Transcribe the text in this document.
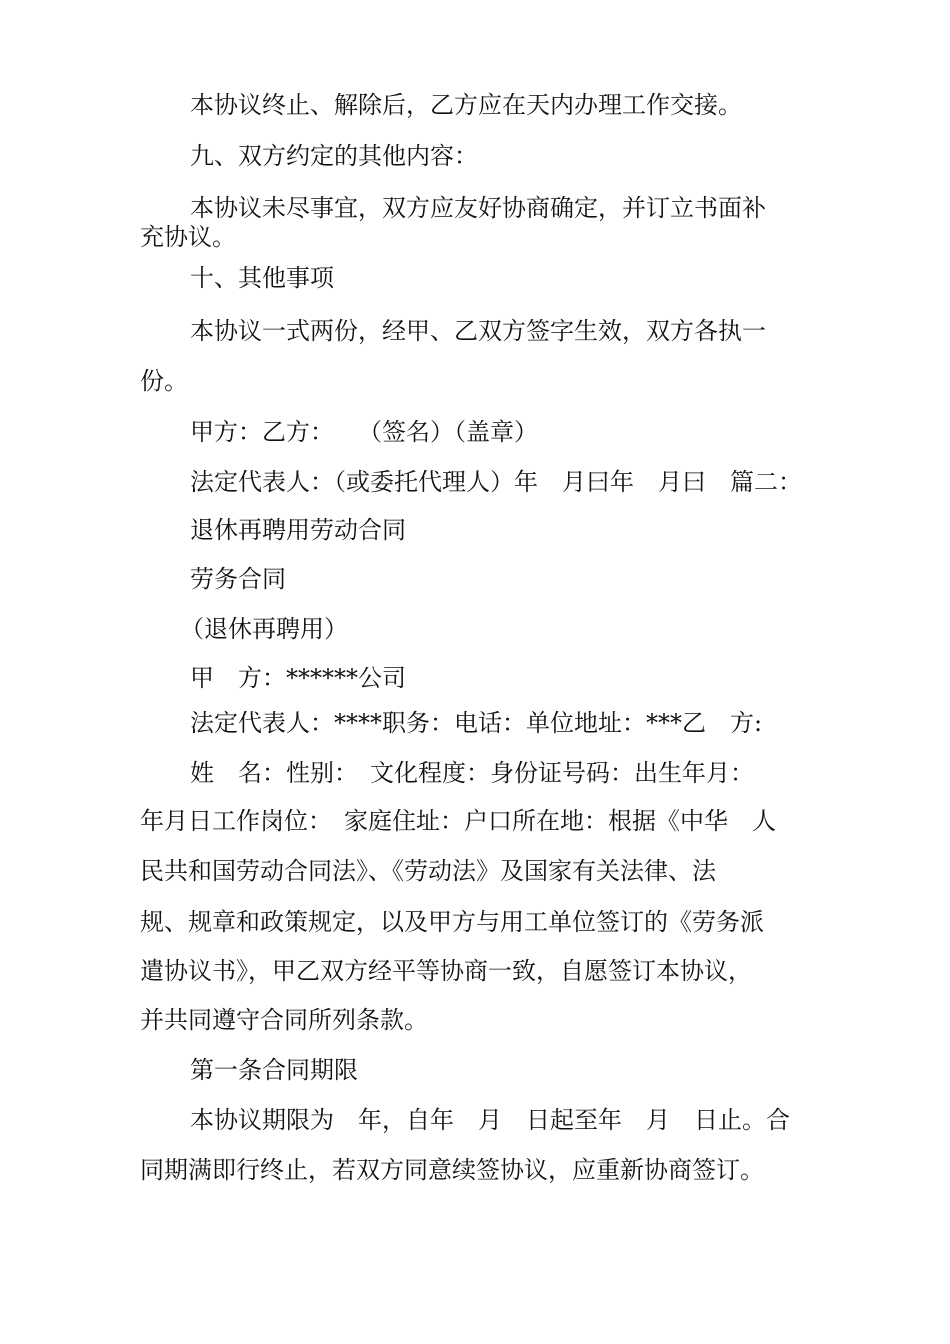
本协议终止、解除后，乙方应在天内办理工作交接。

九、双方约定的其他内容：

本协议未尽事宜，双方应友好协商确定，并订立书面补

充协议。

十、其他事项

本协议一式两份，经甲、乙双方签字生效，双方各执一

份。

甲方：乙方：　　（签名）（盖章）

法定代表人：（或委托代理人）年　月曰年　月曰　篇二：

退休再聘用劳动合同

劳务合同

（退休再聘用）

甲　方：******公司

法定代表人：****职务：电话：单位地址：***乙　方:

姓　名：性别：　文化程度：身份证号码：出生年月：

年月日工作岗位：　家庭住址：户口所在地：根据《中华　人

民共和国劳动合同法》、《劳动法》及国家有关法律、法

规、规章和政策规定，以及甲方与用工单位签订的《劳务派

遣协议书》，甲乙双方经平等协商一致，自愿签订本协议，

并共同遵守合同所列条款。

第一条合同期限

本协议期限为　年，自年　月　日起至年　月　日止。合

同期满即行终止，若双方同意续签协议，应重新协商签订。
